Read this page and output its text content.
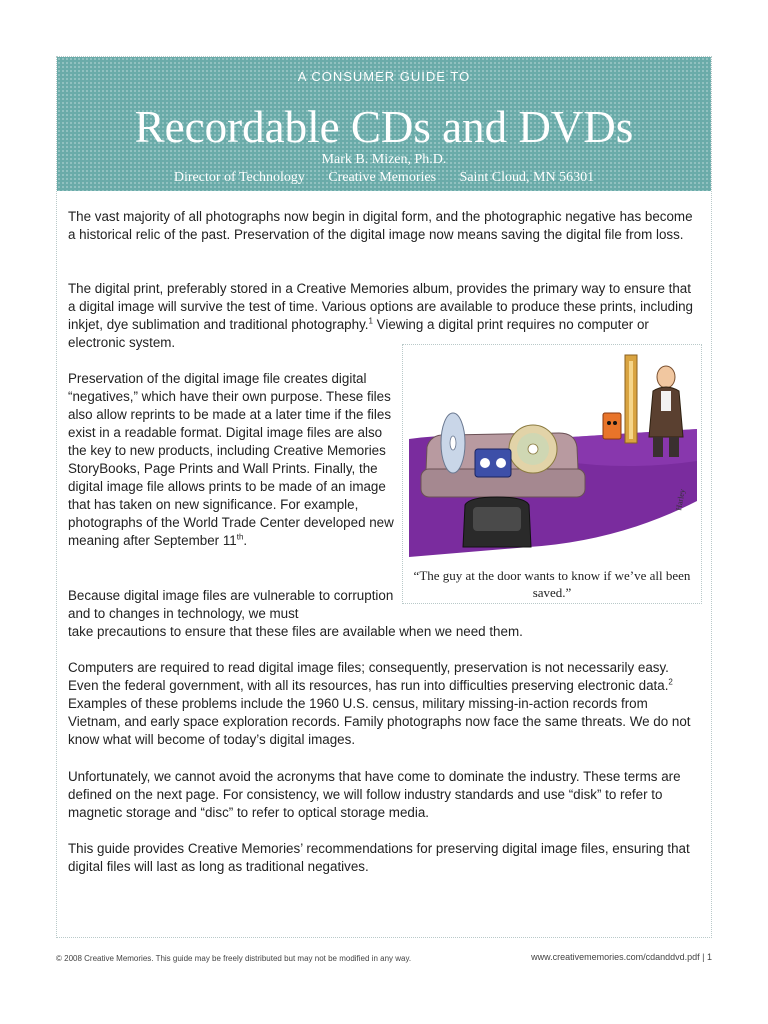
A CONSUMER GUIDE TO
Recordable CDs and DVDs
Mark B. Mizen, Ph.D.
Director of Technology Creative Memories Saint Cloud, MN 56301

The vast majority of all photographs now begin in digital form, and the photographic negative has become a historical relic of the past. Preservation of the digital image now means saving the digital file from loss.

The digital print, preferably stored in a Creative Memories album, provides the primary way to ensure that a digital image will survive the test of time. Various options are available to produce these prints, including inkjet, dye sublimation and traditional photography.$^1$ Viewing a digital print requires no computer or electronic system.

Preservation of the digital image file creates digital “negatives,” which have their own purpose. These files also allow reprints to be made at a later time if the files exist in a readable format. Digital image files are also the key to new products, including Creative Memories StoryBooks, Page Prints and Wall Prints. Finally, the digital image file allows prints to be made of an image that has taken on new significance. For example, photographs of the World Trade Center developed new meaning after September 11th.

Because digital image files are vulnerable to corruption and to changes in technology, we must

take precautions to ensure that these files are available when we need them.

Computers are required to read digital image files; consequently, preservation is not necessarily easy. Even the federal government, with all its resources, has run into difficulties preserving electronic data.$^2$ Examples of these problems include the 1960 U.S. census, military missing-in-action records from Vietnam, and early space exploration records. Family photographs now face the same threats. We do not know what will become of today’s digital images.

Unfortunately, we cannot avoid the acronyms that have come to dominate the industry. These terms are defined on the next page. For consistency, we will follow industry standards and use “disk” to refer to magnetic storage and “disc” to refer to optical storage media.

This guide provides Creative Memories’ recommendations for preserving digital image files, ensuring that digital files will last as long as traditional negatives.

Harley
“The guy at the door wants to know if we’ve all been saved.”
© 2008 Creative Memories. This guide may be freely distributed but may not be modified in any way.	www.creativememories.com/cdanddvd.pdf | 1
